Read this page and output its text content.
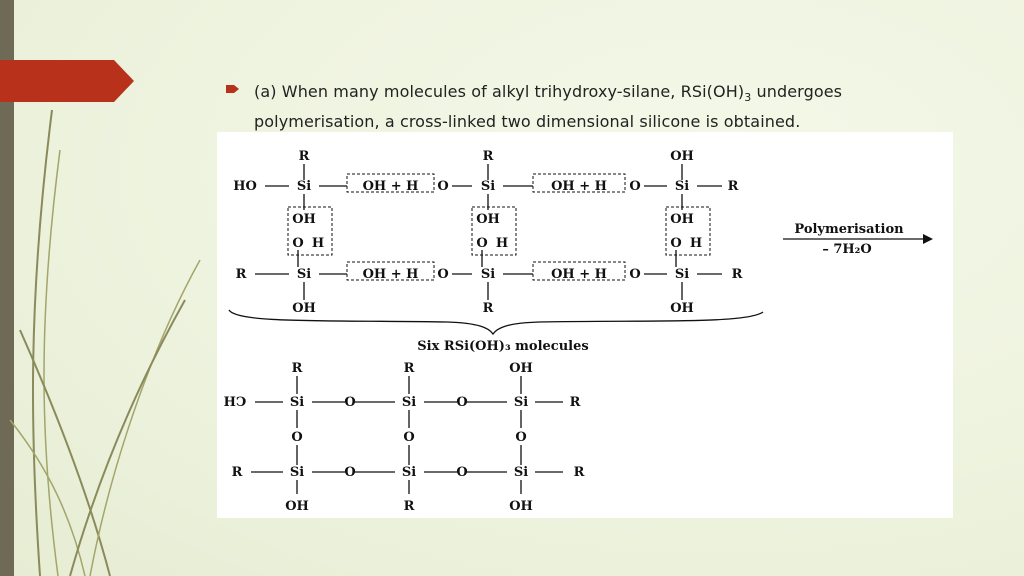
(a) When many molecules of alkyl trihydroxy-silane, $RSi(OH)_3$ undergoes polymerisation, a cross-linked two dimensional silicone is obtained.
R
Si
Si
OH
OH
O H
R
Si
Si
R
OH
O H
OH
Si
Si
OH
OH
O H
HO
R
R
R
OH + H O	OH + H O
OH + H O	OH + H O
Six RSi(OH)₃ molecules
Polymerisation
– 7H₂O
R
Si
O
Si
OH
R
Si
O
Si
R
OH
Si
O
Si
OH
HↃ
R
R
R
O	O
O	O
